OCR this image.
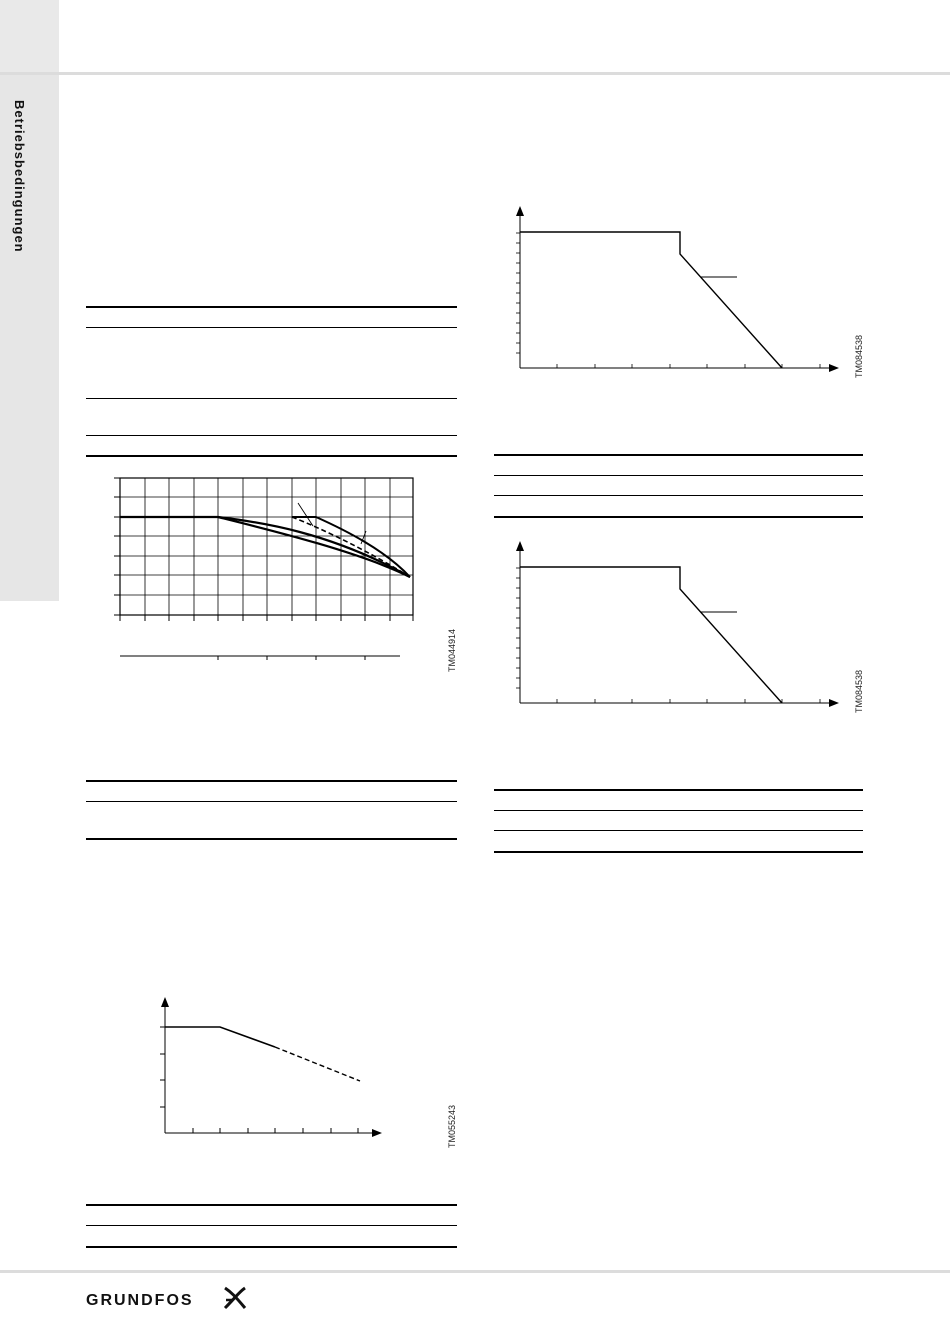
Betriebsbedingungen
TM044914
TM055243
TM084538
TM084538
GRUNDFOS
